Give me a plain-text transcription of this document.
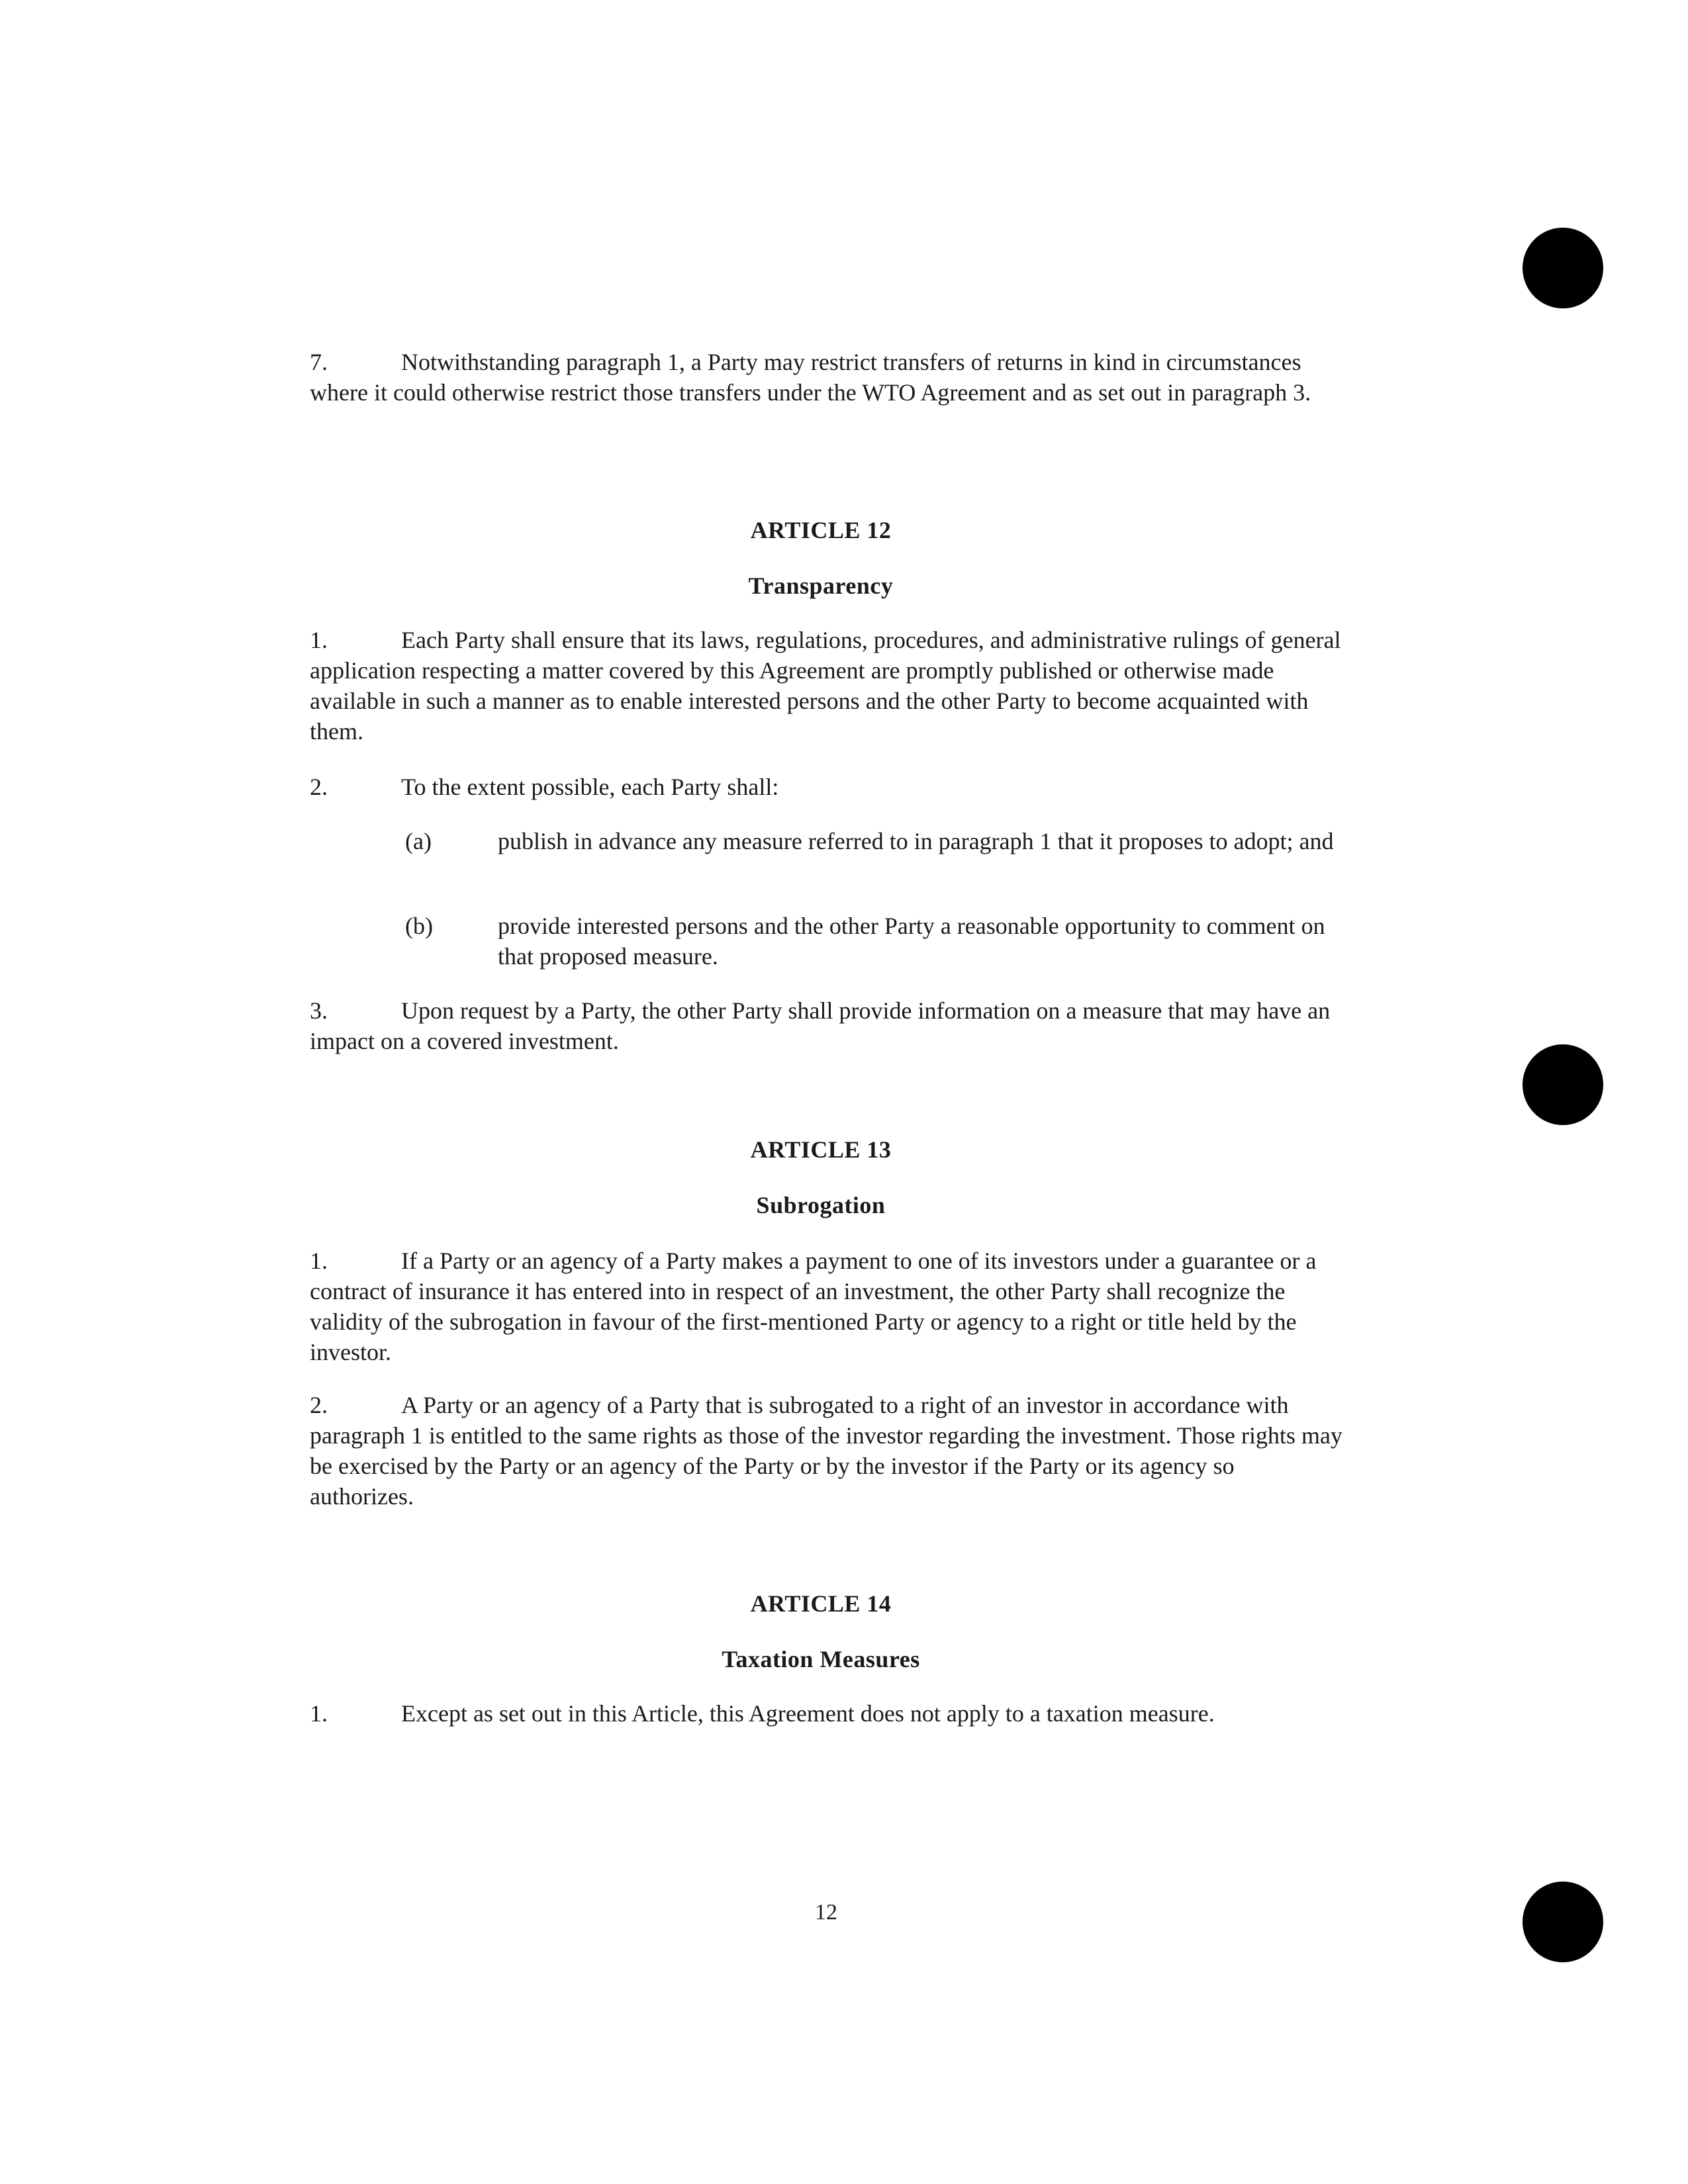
7.	Notwithstanding paragraph 1, a Party may restrict transfers of returns in kind in circumstances where it could otherwise restrict those transfers under the WTO Agreement and as set out in paragraph 3.

ARTICLE 12
Transparency

1.	Each Party shall ensure that its laws, regulations, procedures, and administrative rulings of general application respecting a matter covered by this Agreement are promptly published or otherwise made available in such a manner as to enable interested persons and the other Party to become acquainted with them.

2.	To the extent possible, each Party shall:

(a)	publish in advance any measure referred to in paragraph 1 that it proposes to adopt; and
(b)	provide interested persons and the other Party a reasonable opportunity to comment on that proposed measure.

3.	Upon request by a Party, the other Party shall provide information on a measure that may have an impact on a covered investment.

ARTICLE 13
Subrogation

1.	If a Party or an agency of a Party makes a payment to one of its investors under a guarantee or a contract of insurance it has entered into in respect of an investment, the other Party shall recognize the validity of the subrogation in favour of the first-mentioned Party or agency to a right or title held by the investor.

2.	A Party or an agency of a Party that is subrogated to a right of an investor in accordance with paragraph 1 is entitled to the same rights as those of the investor regarding the investment. Those rights may be exercised by the Party or an agency of the Party or by the investor if the Party or its agency so authorizes.

ARTICLE 14
Taxation Measures

1.	Except as set out in this Article, this Agreement does not apply to a taxation measure.

12
